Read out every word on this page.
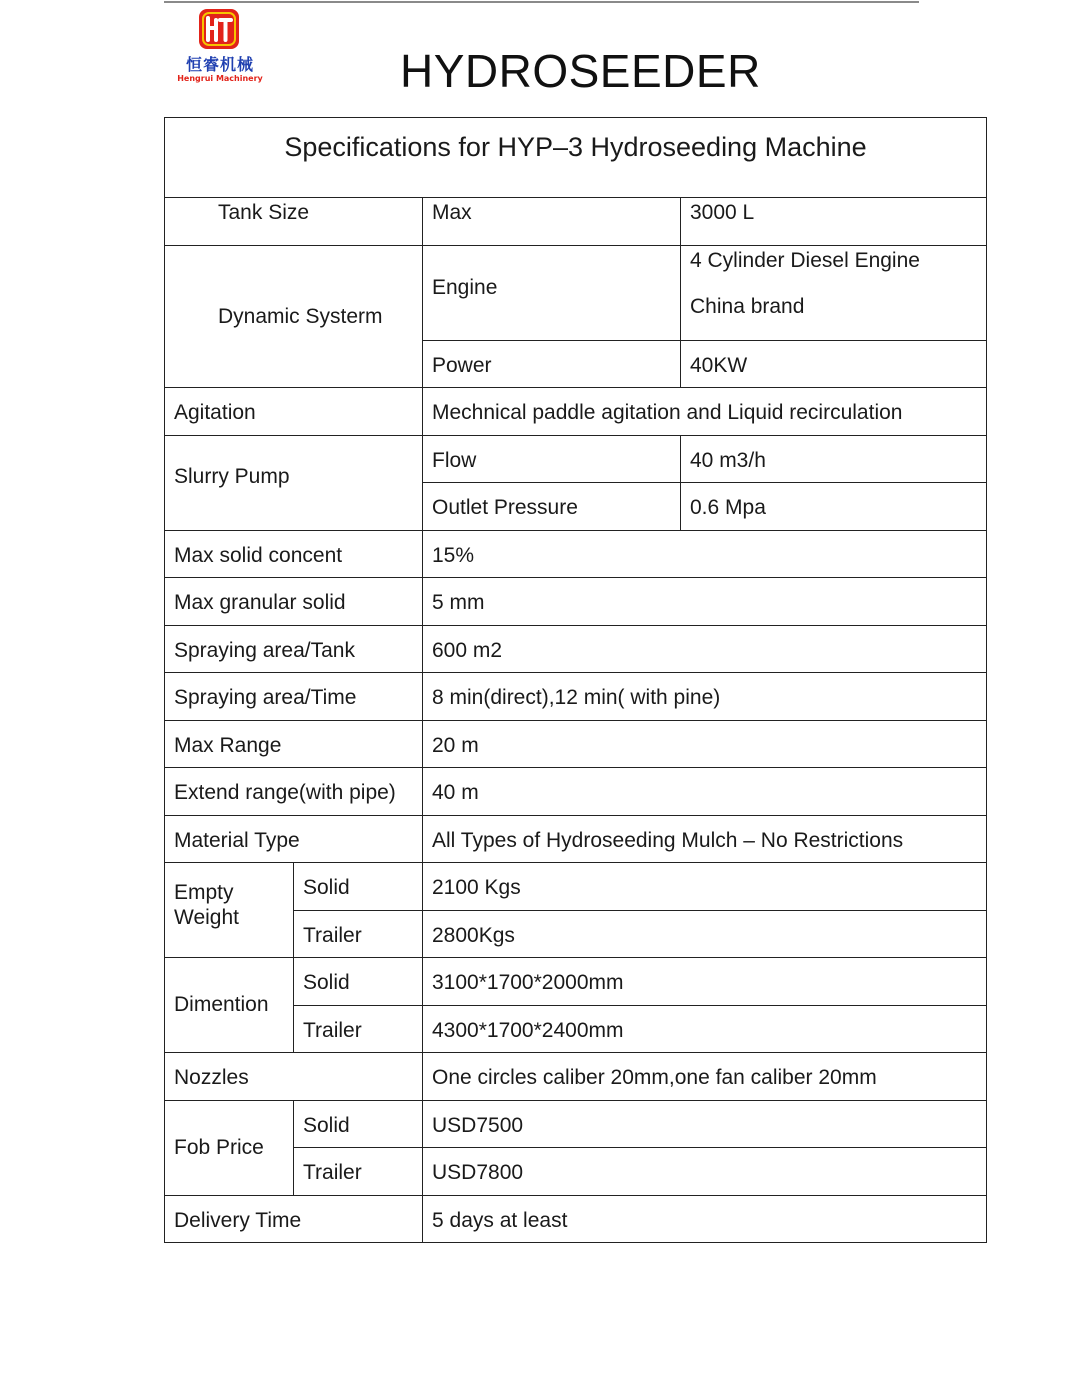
恒睿机械
Hengrui Machinery	HYDROSEEDER
Specifications for HYP–3 Hydroseeding Machine			
Tank Size		Max	3000 L
Dynamic Systerm		Engine	4 Cylinder Diesel Engine
China brand

		Power	40KW
Agitation		Mechnical paddle agitation and Liquid recirculation	
Slurry Pump		Flow	40 m3/h
		Outlet Pressure	0.6 Mpa
Max solid concent		15%	
Max granular solid		5 mm	
Spraying area/Tank		600 m2	
Spraying area/Time		8 min(direct),12 min( with pine)	
Max Range		20 m	
Extend range(with pipe)		40 m	
Material Type		All Types of Hydroseeding Mulch – No Restrictions	

Empty
Weight	Solid	2100 Kgs	
	Trailer	2800Kgs	
Dimention	Solid	3100*1700*2000mm	
	Trailer	4300*1700*2400mm	
Nozzles		One circles caliber 20mm,one fan caliber 20mm	
Fob Price	Solid	USD7500	
	Trailer	USD7800	
Delivery Time		5 days at least	
